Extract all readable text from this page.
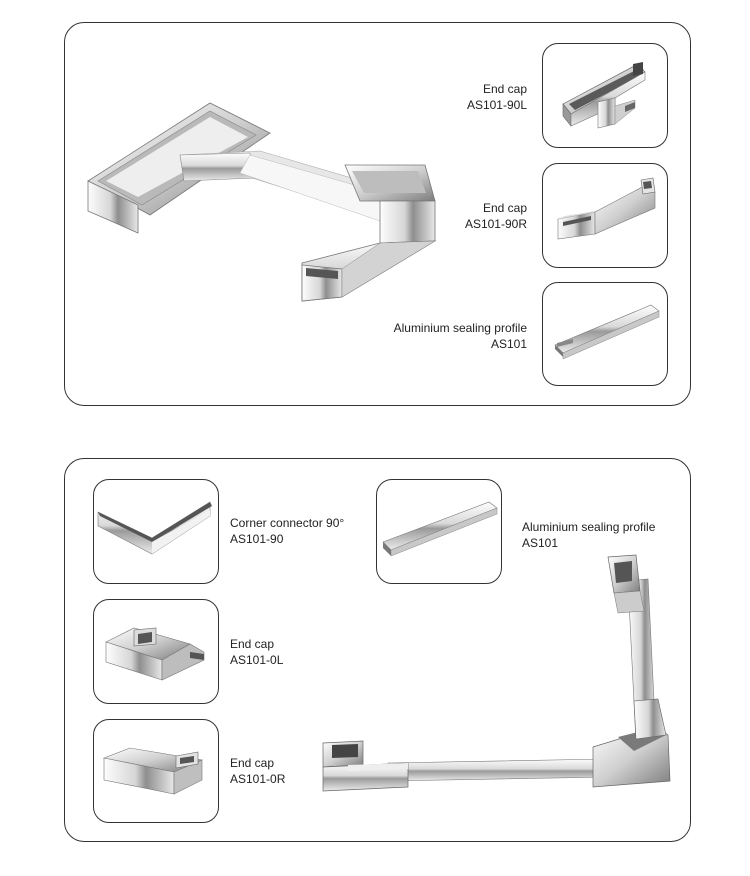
End cap
AS101-90L
End cap
AS101-90R
Aluminium sealing profile
AS101
Corner connector 90°
AS101-90
End cap
AS101-0L
End cap
AS101-0R
Aluminium sealing profile
AS101
